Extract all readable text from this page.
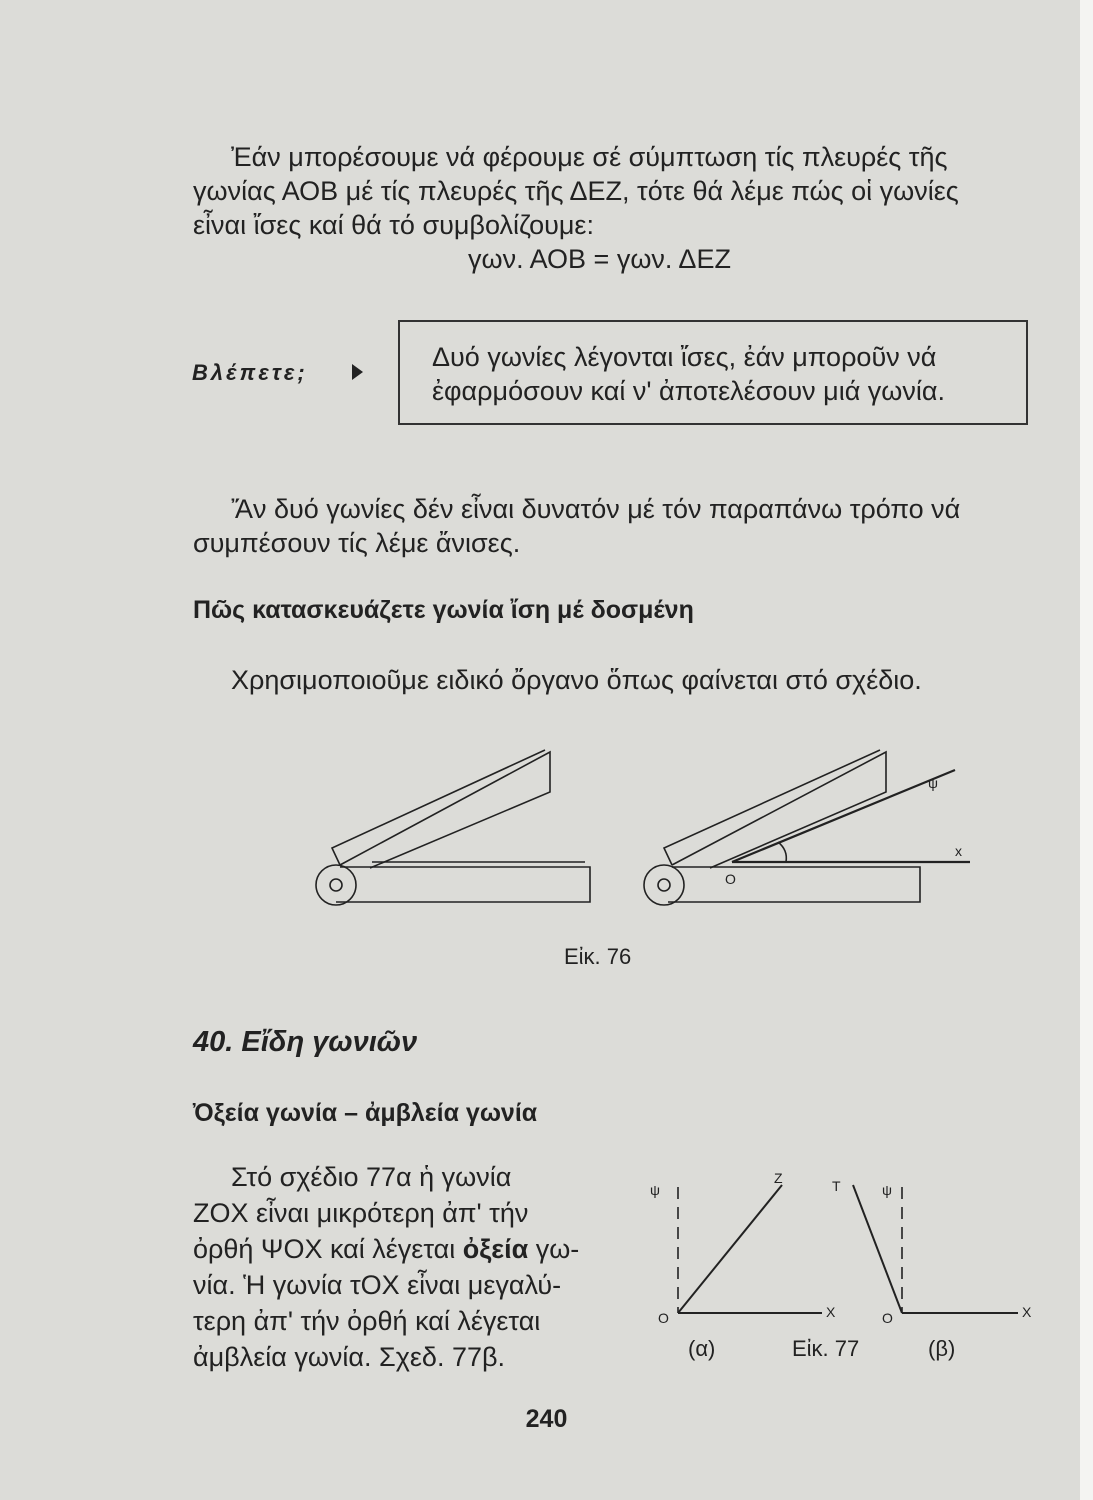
Ἐάν μπορέσουμε νά φέρουμε σέ σύμπτωση τίς πλευρές τῆς

γωνίας ΑΟΒ μέ τίς πλευρές τῆς ΔΕΖ, τότε θά λέμε πώς οἱ γωνίες

εἶναι ἴσες καί θά τό συμβολίζουμε:

γων. ΑΟΒ = γων. ΔΕΖ

Βλέπετε;
Δυό γωνίες λέγονται ἴσες, ἐάν μποροῦν νά
ἐφαρμόσουν καί ν' ἀποτελέσουν μιά γωνία.

Ἄν δυό γωνίες δέν εἶναι δυνατόν μέ τόν παραπάνω τρόπο νά

συμπέσουν τίς λέμε ἄνισες.

Πῶς κατασκευάζετε γωνία ἴση μέ δοσμένη

Χρησιμοποιοῦμε ειδικό ὄργανο ὅπως φαίνεται στό σχέδιο.

ψ
x
Ο
Εἰκ. 76

40. Εἴδη γωνιῶν

Ὀξεία γωνία – ἀμβλεία γωνία

Στό σχέδιο 77α ἡ γωνία

ΖΟΧ εἶναι μικρότερη ἀπ' τήν

ὀρθή ΨΟΧ καί λέγεται ὀξεία γω-

νία. Ἡ γωνία τΟΧ εἶναι μεγαλύ-

τερη ἀπ' τήν ὀρθή καί λέγεται

ἀμβλεία γωνία. Σχεδ. 77β.

ψ
Ζ
Ο	Χ
Τ	ψ
Ο	Χ
(α)	Εἰκ. 77	(β)
240
